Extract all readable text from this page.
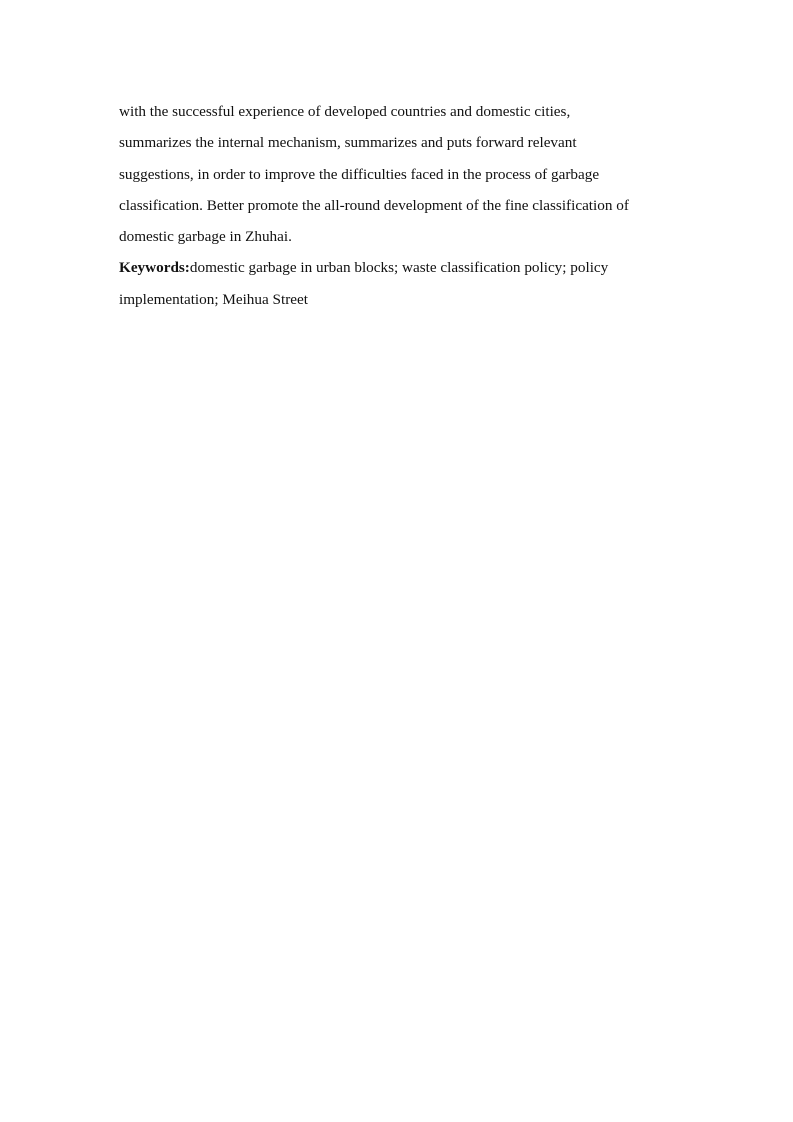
with the successful experience of developed countries and domestic cities,
summarizes the internal mechanism, summarizes and puts forward relevant
suggestions, in order to improve the difficulties faced in the process of garbage
classification. Better promote the all-round development of the fine classification of
domestic garbage in Zhuhai.
Keywords:domestic garbage in urban blocks; waste classification policy; policy
implementation; Meihua Street
